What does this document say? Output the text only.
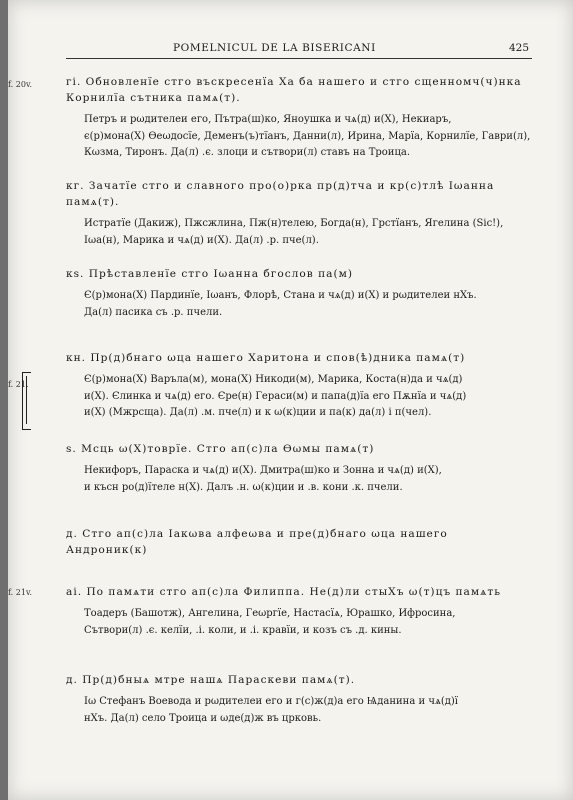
POMELNICUL DE LA BISERICANI	425
f. 20v.
f. 21.
f. 21v.
гі. Обновленїе стго въскресенїа Ха ба нашего и стго сщенномч(ч)нка Корнилїа сътника памѧ(т).

Петръ и рωдителеи его, Пътра(ш)ко, Яноушка и чѧ(д) и(Х), Некиаръ,

є(р)мона(Х) Өеωдосїе, Деменъ(ъ)тїанъ, Данни(л), Ирина, Марїа, Корнилїе, Гаври(л),

Кωзма, Тиронъ. Да(л) .є. злоци и сътвори(л) ставъ на Троица.

кг. Зачатїе стго и славного про(о)рка пр(д)тча и кр(с)тлѣ Іωанна памѧ(т).

Истратїе (Дакиж), Пжсжлина, Пж(н)телею, Богда(н), Грстїанъ, Ягелина (Sic!), Іωа(н), Марика и чѧ(д) и(Х). Да(л) .р. пче(л).

кѕ. Прѣставленїе стго Іωанна бгослов па(м)

Є(р)мона(Х) Пардинїе, Іωанъ, Флорѣ, Стана и чѧ(д) и(Х) и рωдителеи нХъ.

Да(л) пасика съ .р. пчели.

кн. Пр(д)бнаго ωца нашего Харитона и спов(ѣ)дника памѧ(т)

Є(р)мона(Х) Варъла(м), мона(Х) Никоди(м), Марика, Коста(н)да и чѧ(д)

и(Х). Єлинка и чѧ(д) его. Єре(н) Гераси(м) и папа(д)їа его Пѫнїа и чѧ(д)

и(Х) (Мжрсща). Да(л) .м. пче(л) и к ω(к)ции и па(к) да(л) і п(чел).

ѕ. Мсць ω(Х)товрїе. Стго ап(с)ла Өωмы памѧ(т)

Некифоръ, Параска и чѧ(д) и(Х). Дмитра(ш)ко и Зонна и чѧ(д) и(Х),

и късн ро(д)їтеле н(Х). Далъ .н. ω(к)ции и .в. кони .к. пчели.

д. Стго ап(с)ла Іакωва алфеωва и пре(д)бнаго ωца нашего Андроник(к)
аі. По памѧти стго ап(с)ла Филиппа. Не(д)ли стыХъ ω(т)цъ памѧть

Тоадеръ (Башотж), Ангелина, Геωргїе, Настасїѧ, Юрашко, Ифросина,

Сътвори(л) .є. келїи, .і. коли, и .і. кравїи, и козъ съ .д. кины.

д. Пр(д)бныѧ мтре нашѧ Параскеви памѧ(т).

Іω Стефанъ Воевода и рωдителеи его и г(с)ж(д)а его Ѩданина и чѧ(д)ї

нХъ. Да(л) село Троица и ωде(д)ж въ црковь.
